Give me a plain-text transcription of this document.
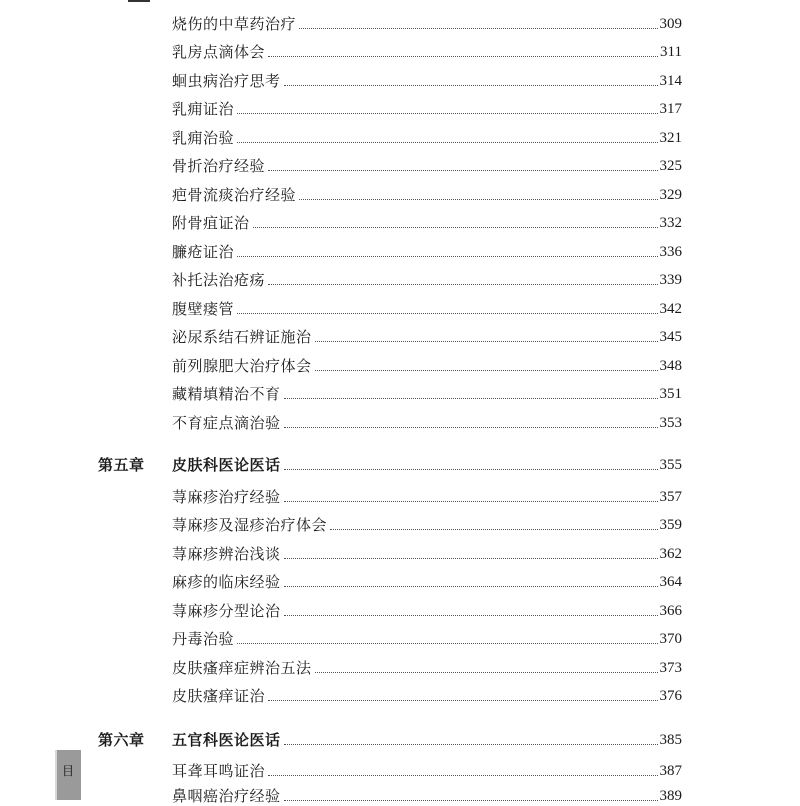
烧伤的中草药治疗	309
乳房点滴体会	311
蛔虫病治疗思考	314
乳痈证治	317
乳痈治验	321
骨折治疗经验	325
疤骨流痰治疗经验	329
附骨疽证治	332
臁疮证治	336
补托法治疮疡	339
腹壁瘘管	342
泌尿系结石辨证施治	345
前列腺肥大治疗体会	348
藏精填精治不育	351
不育症点滴治验	353
第五章	皮肤科医论医话	355
荨麻疹治疗经验	357
荨麻疹及湿疹治疗体会	359
荨麻疹辨治浅谈	362
麻疹的临床经验	364
荨麻疹分型论治	366
丹毒治验	370
皮肤瘙痒症辨治五法	373
皮肤瘙痒证治	376
第六章	五官科医论医话	385
耳聋耳鸣证治	387
鼻咽癌治疗经验	389
目
